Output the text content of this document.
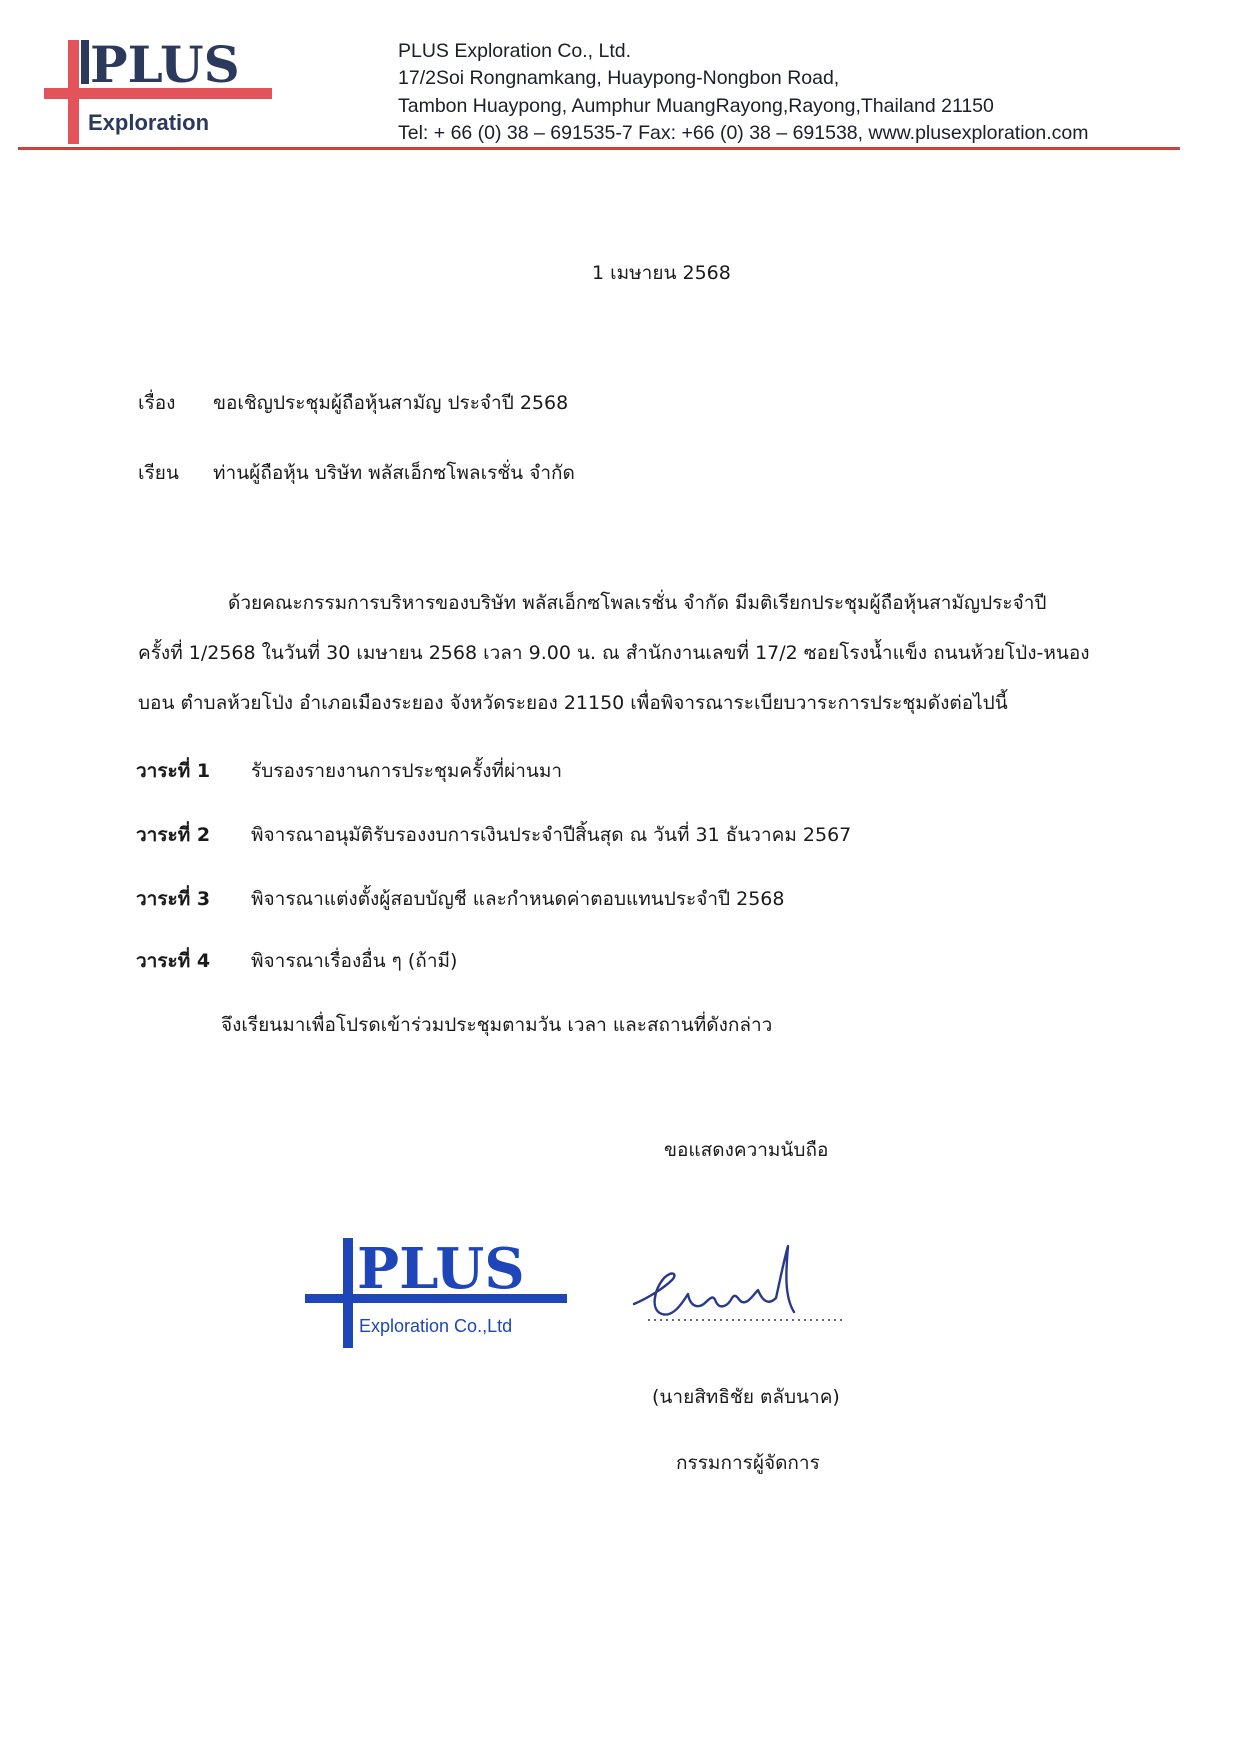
PLUS
Exploration
PLUS Exploration Co., Ltd.
17/2Soi Rongnamkang, Huaypong-Nongbon Road,
Tambon Huaypong, Aumphur MuangRayong,Rayong,Thailand 21150
Tel: + 66 (0) 38 – 691535-7 Fax: +66 (0) 38 – 691538, www.plusexploration.com
1 เมษายน 2568
เรื่อง ขอเชิญประชุมผู้ถือหุ้นสามัญ ประจำปี 2568
เรียน ท่านผู้ถือหุ้น บริษัท พลัสเอ็กซโพลเรชั่น จำกัด
ด้วยคณะกรรมการบริหารของบริษัท พลัสเอ็กซโพลเรชั่น จำกัด มีมติเรียกประชุมผู้ถือหุ้นสามัญประจำปี
ครั้งที่ 1/2568 ในวันที่ 30 เมษายน 2568 เวลา 9.00 น. ณ สำนักงานเลขที่ 17/2 ซอยโรงน้ำแข็ง ถนนห้วยโป่ง-หนอง
บอน ตำบลห้วยโป่ง อำเภอเมืองระยอง จังหวัดระยอง 21150 เพื่อพิจารณาระเบียบวาระการประชุมดังต่อไปนี้
วาระที่ 1 รับรองรายงานการประชุมครั้งที่ผ่านมา
วาระที่ 2 พิจารณาอนุมัติรับรองงบการเงินประจำปีสิ้นสุด ณ วันที่ 31 ธันวาคม 2567
วาระที่ 3 พิจารณาแต่งตั้งผู้สอบบัญชี และกำหนดค่าตอบแทนประจำปี 2568
วาระที่ 4 พิจารณาเรื่องอื่น ๆ (ถ้ามี)
จึงเรียนมาเพื่อโปรดเข้าร่วมประชุมตามวัน เวลา และสถานที่ดังกล่าว
ขอแสดงความนับถือ
PLUS
Exploration Co.,Ltd
(นายสิทธิชัย ตลับนาค)
กรรมการผู้จัดการ
